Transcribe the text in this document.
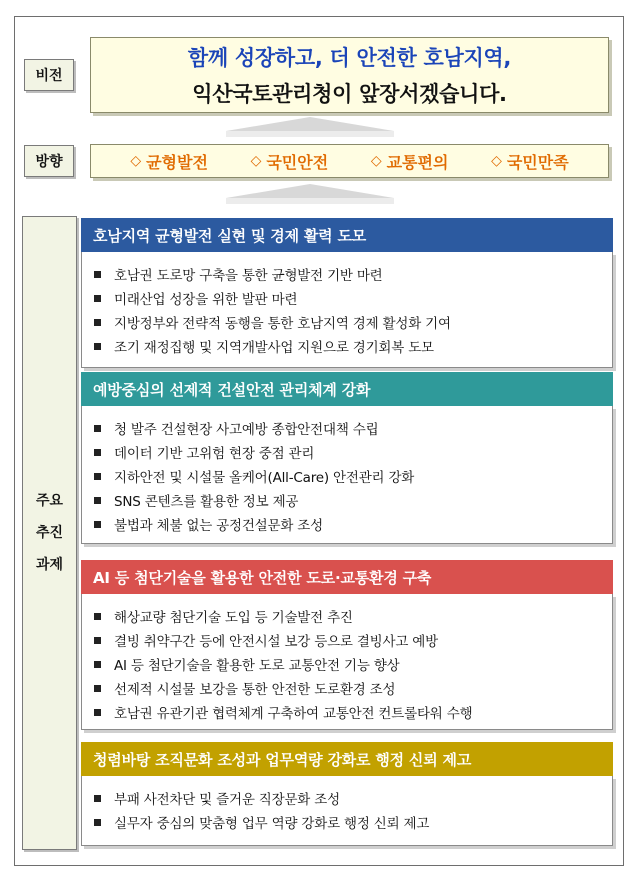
비전
함께 성장하고, 더 안전한 호남지역,
익산국토관리청이 앞장서겠습니다.
방향	◇ 균형발전	◇ 국민안전	◇ 교통편의	◇ 국민만족
주요
추진
과제
호남지역 균형발전 실현 및 경제 활력 도모
호남권 도로망 구축을 통한 균형발전 기반 마련
미래산업 성장을 위한 발판 마련
지방정부와 전략적 동행을 통한 호남지역 경제 활성화 기여
조기 재정집행 및 지역개발사업 지원으로 경기회복 도모
예방중심의 선제적 건설안전 관리체계 강화
청 발주 건설현장 사고예방 종합안전대책 수립
데이터 기반 고위험 현장 중점 관리
지하안전 및 시설물 올케어(All-Care) 안전관리 강화
SNS 콘텐츠를 활용한 정보 제공
불법과 체불 없는 공정건설문화 조성
AI 등 첨단기술을 활용한 안전한 도로·교통환경 구축
해상교량 첨단기술 도입 등 기술발전 추진
결빙 취약구간 등에 안전시설 보강 등으로 결빙사고 예방
AI 등 첨단기술을 활용한 도로 교통안전 기능 향상
선제적 시설물 보강을 통한 안전한 도로환경 조성
호남권 유관기관 협력체계 구축하여 교통안전 컨트롤타워 수행
청렴바탕 조직문화 조성과 업무역량 강화로 행정 신뢰 제고
부패 사전차단 및 즐거운 직장문화 조성
실무자 중심의 맞춤형 업무 역량 강화로 행정 신뢰 제고
